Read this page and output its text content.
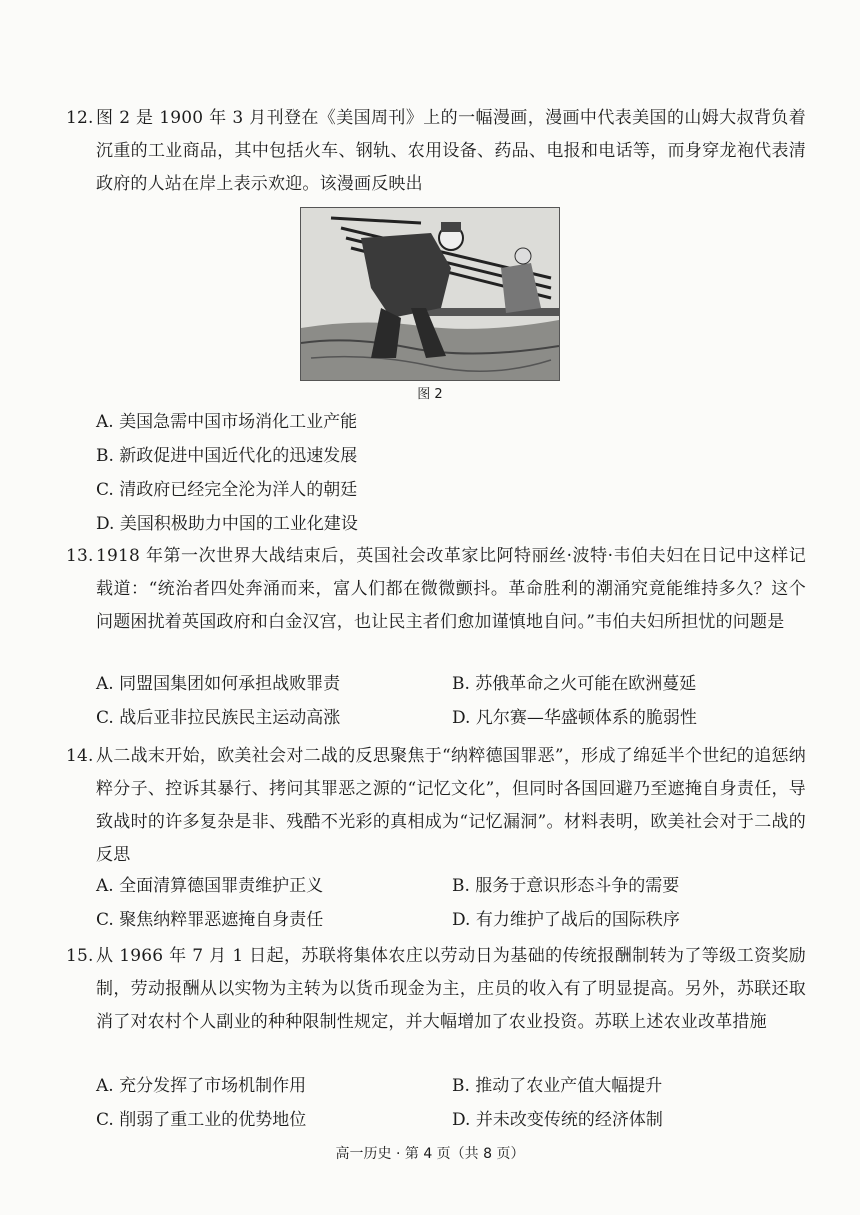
12. 图 2 是 1900 年 3 月刊登在《美国周刊》上的一幅漫画，漫画中代表美国的山姆大叔背负着沉重的工业商品，其中包括火车、钢轨、农用设备、药品、电报和电话等，而身穿龙袍代表清政府的人站在岸上表示欢迎。该漫画反映出
图 2
A. 美国急需中国市场消化工业产能
B. 新政促进中国近代化的迅速发展
C. 清政府已经完全沦为洋人的朝廷
D. 美国积极助力中国的工业化建设
13. 1918 年第一次世界大战结束后，英国社会改革家比阿特丽丝·波特·韦伯夫妇在日记中这样记载道：“统治者四处奔涌而来，富人们都在微微颤抖。革命胜利的潮涌究竟能维持多久？这个问题困扰着英国政府和白金汉宫，也让民主者们愈加谨慎地自问。”韦伯夫妇所担忧的问题是
A. 同盟国集团如何承担战败罪责	B. 苏俄革命之火可能在欧洲蔓延
C. 战后亚非拉民族民主运动高涨	D. 凡尔赛—华盛顿体系的脆弱性
14. 从二战末开始，欧美社会对二战的反思聚焦于“纳粹德国罪恶”，形成了绵延半个世纪的追惩纳粹分子、控诉其暴行、拷问其罪恶之源的“记忆文化”，但同时各国回避乃至遮掩自身责任，导致战时的许多复杂是非、残酷不光彩的真相成为“记忆漏洞”。材料表明，欧美社会对于二战的反思
A. 全面清算德国罪责维护正义	B. 服务于意识形态斗争的需要
C. 聚焦纳粹罪恶遮掩自身责任	D. 有力维护了战后的国际秩序
15. 从 1966 年 7 月 1 日起，苏联将集体农庄以劳动日为基础的传统报酬制转为了等级工资奖励制，劳动报酬从以实物为主转为以货币现金为主，庄员的收入有了明显提高。另外，苏联还取消了对农村个人副业的种种限制性规定，并大幅增加了农业投资。苏联上述农业改革措施
A. 充分发挥了市场机制作用	B. 推动了农业产值大幅提升
C. 削弱了重工业的优势地位	D. 并未改变传统的经济体制
高一历史 · 第 4 页（共 8 页）
